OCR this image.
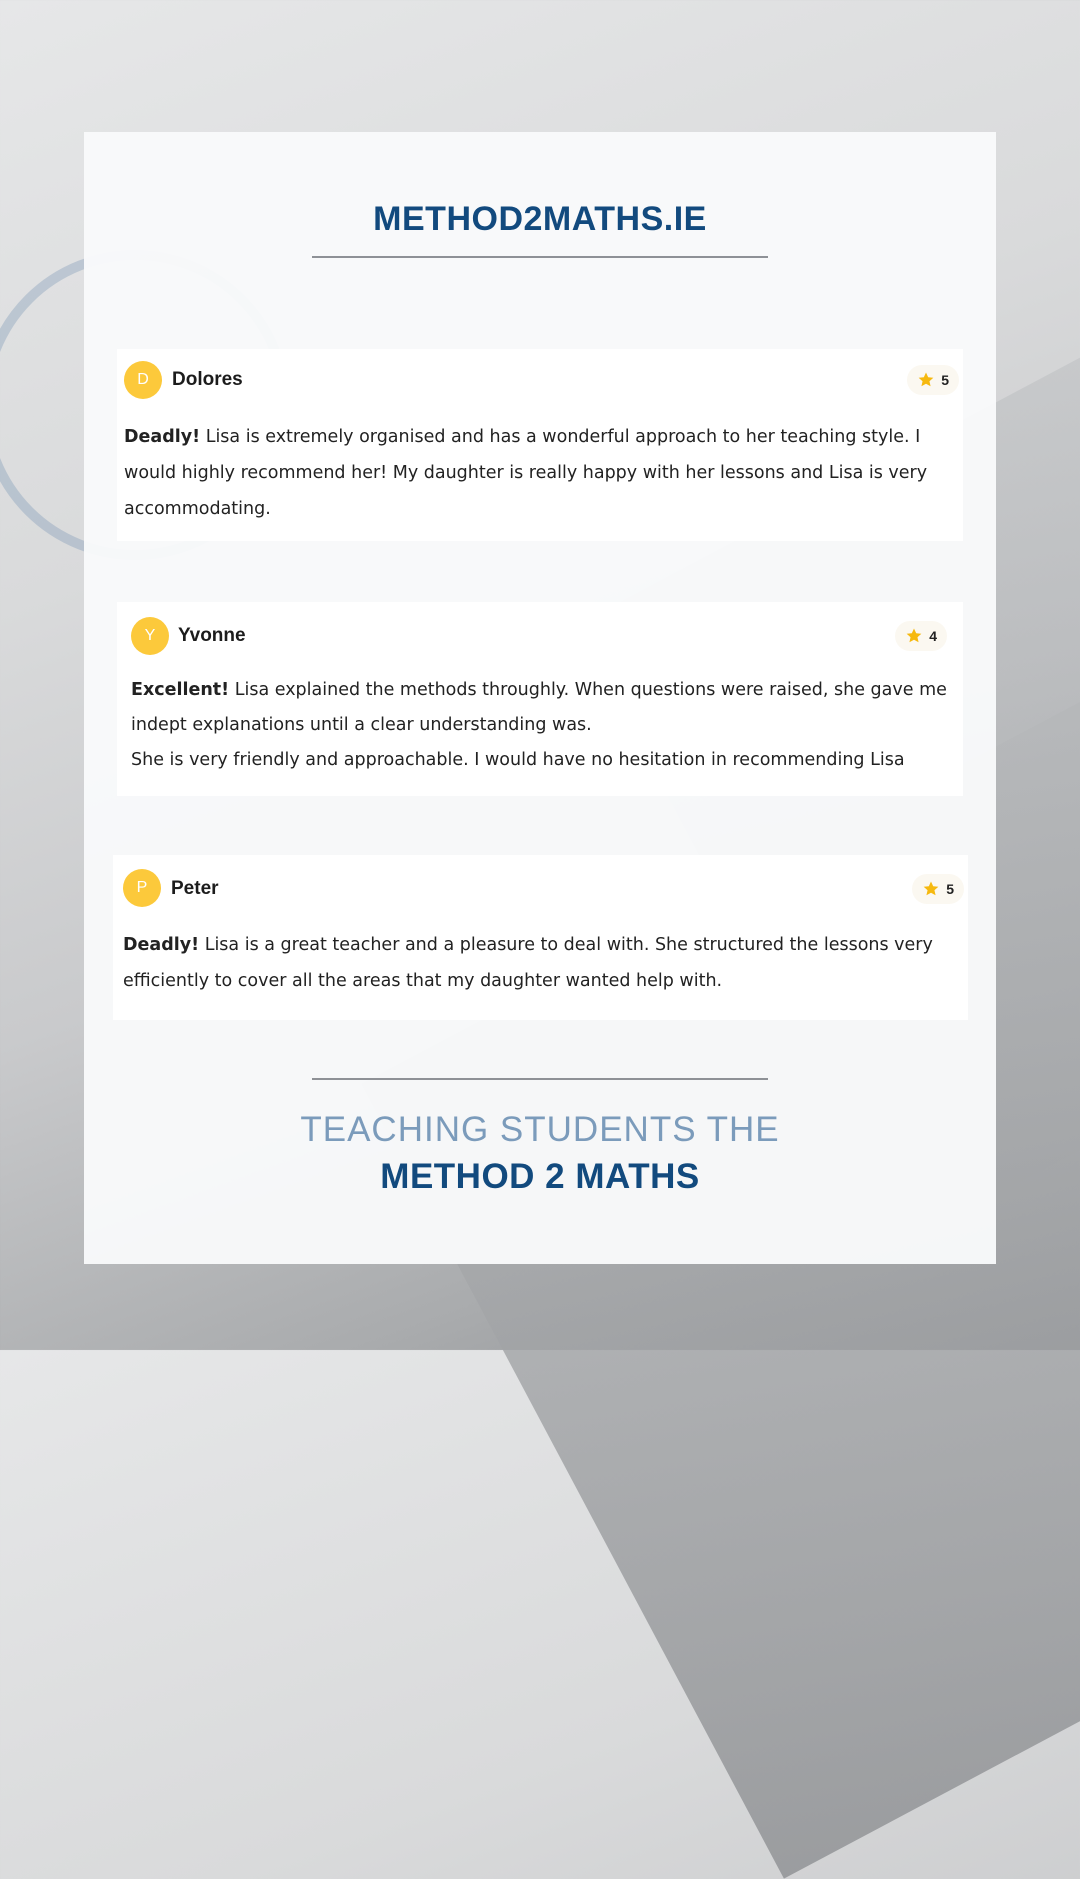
METHOD2MATHS.IE
D	Dolores	5
Deadly! Lisa is extremely organised and has a wonderful approach to her teaching style. I would highly recommend her! My daughter is really happy with her lessons and Lisa is very accommodating.
Y	Yvonne	4
Excellent! Lisa explained the methods throughly. When questions were raised, she gave me indept explanations until a clear understanding was.
She is very friendly and approachable. I would have no hesitation in recommending Lisa
P	Peter	5
Deadly! Lisa is a great teacher and a pleasure to deal with. She structured the lessons very efficiently to cover all the areas that my daughter wanted help with.
TEACHING STUDENTS THE
METHOD 2 MATHS
